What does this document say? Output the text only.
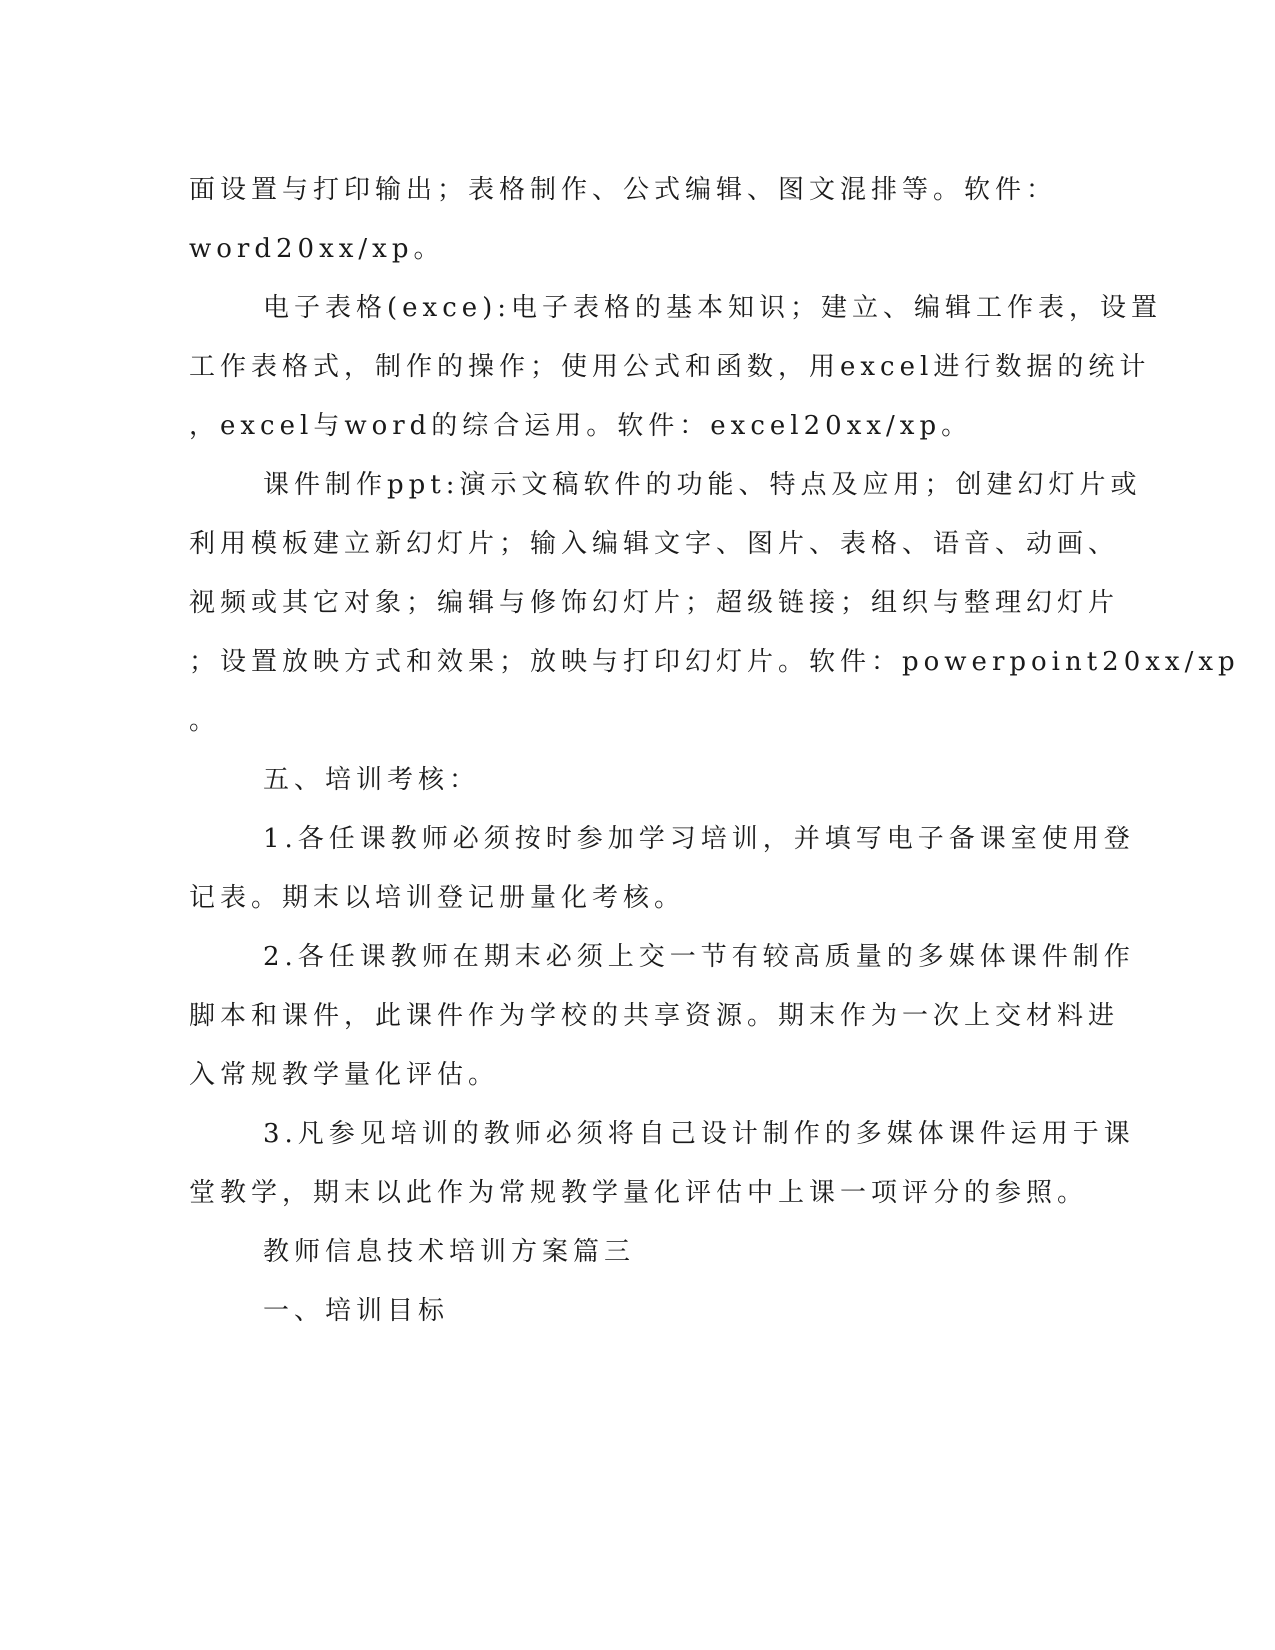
面设置与打印输出；表格制作、公式编辑、图文混排等。软件：
word20xx/xp。
电子表格(exce):电子表格的基本知识；建立、编辑工作表，设置
工作表格式，制作的操作；使用公式和函数，用excel进行数据的统计
，excel与word的综合运用。软件：excel20xx/xp。
课件制作ppt:演示文稿软件的功能、特点及应用；创建幻灯片或
利用模板建立新幻灯片；输入编辑文字、图片、表格、语音、动画、
视频或其它对象；编辑与修饰幻灯片；超级链接；组织与整理幻灯片
；设置放映方式和效果；放映与打印幻灯片。软件：powerpoint20xx/xp
。
五、培训考核：
1.各任课教师必须按时参加学习培训，并填写电子备课室使用登
记表。期末以培训登记册量化考核。
2.各任课教师在期末必须上交一节有较高质量的多媒体课件制作
脚本和课件，此课件作为学校的共享资源。期末作为一次上交材料进
入常规教学量化评估。
3.凡参见培训的教师必须将自己设计制作的多媒体课件运用于课
堂教学，期末以此作为常规教学量化评估中上课一项评分的参照。
教师信息技术培训方案篇三
一、培训目标
